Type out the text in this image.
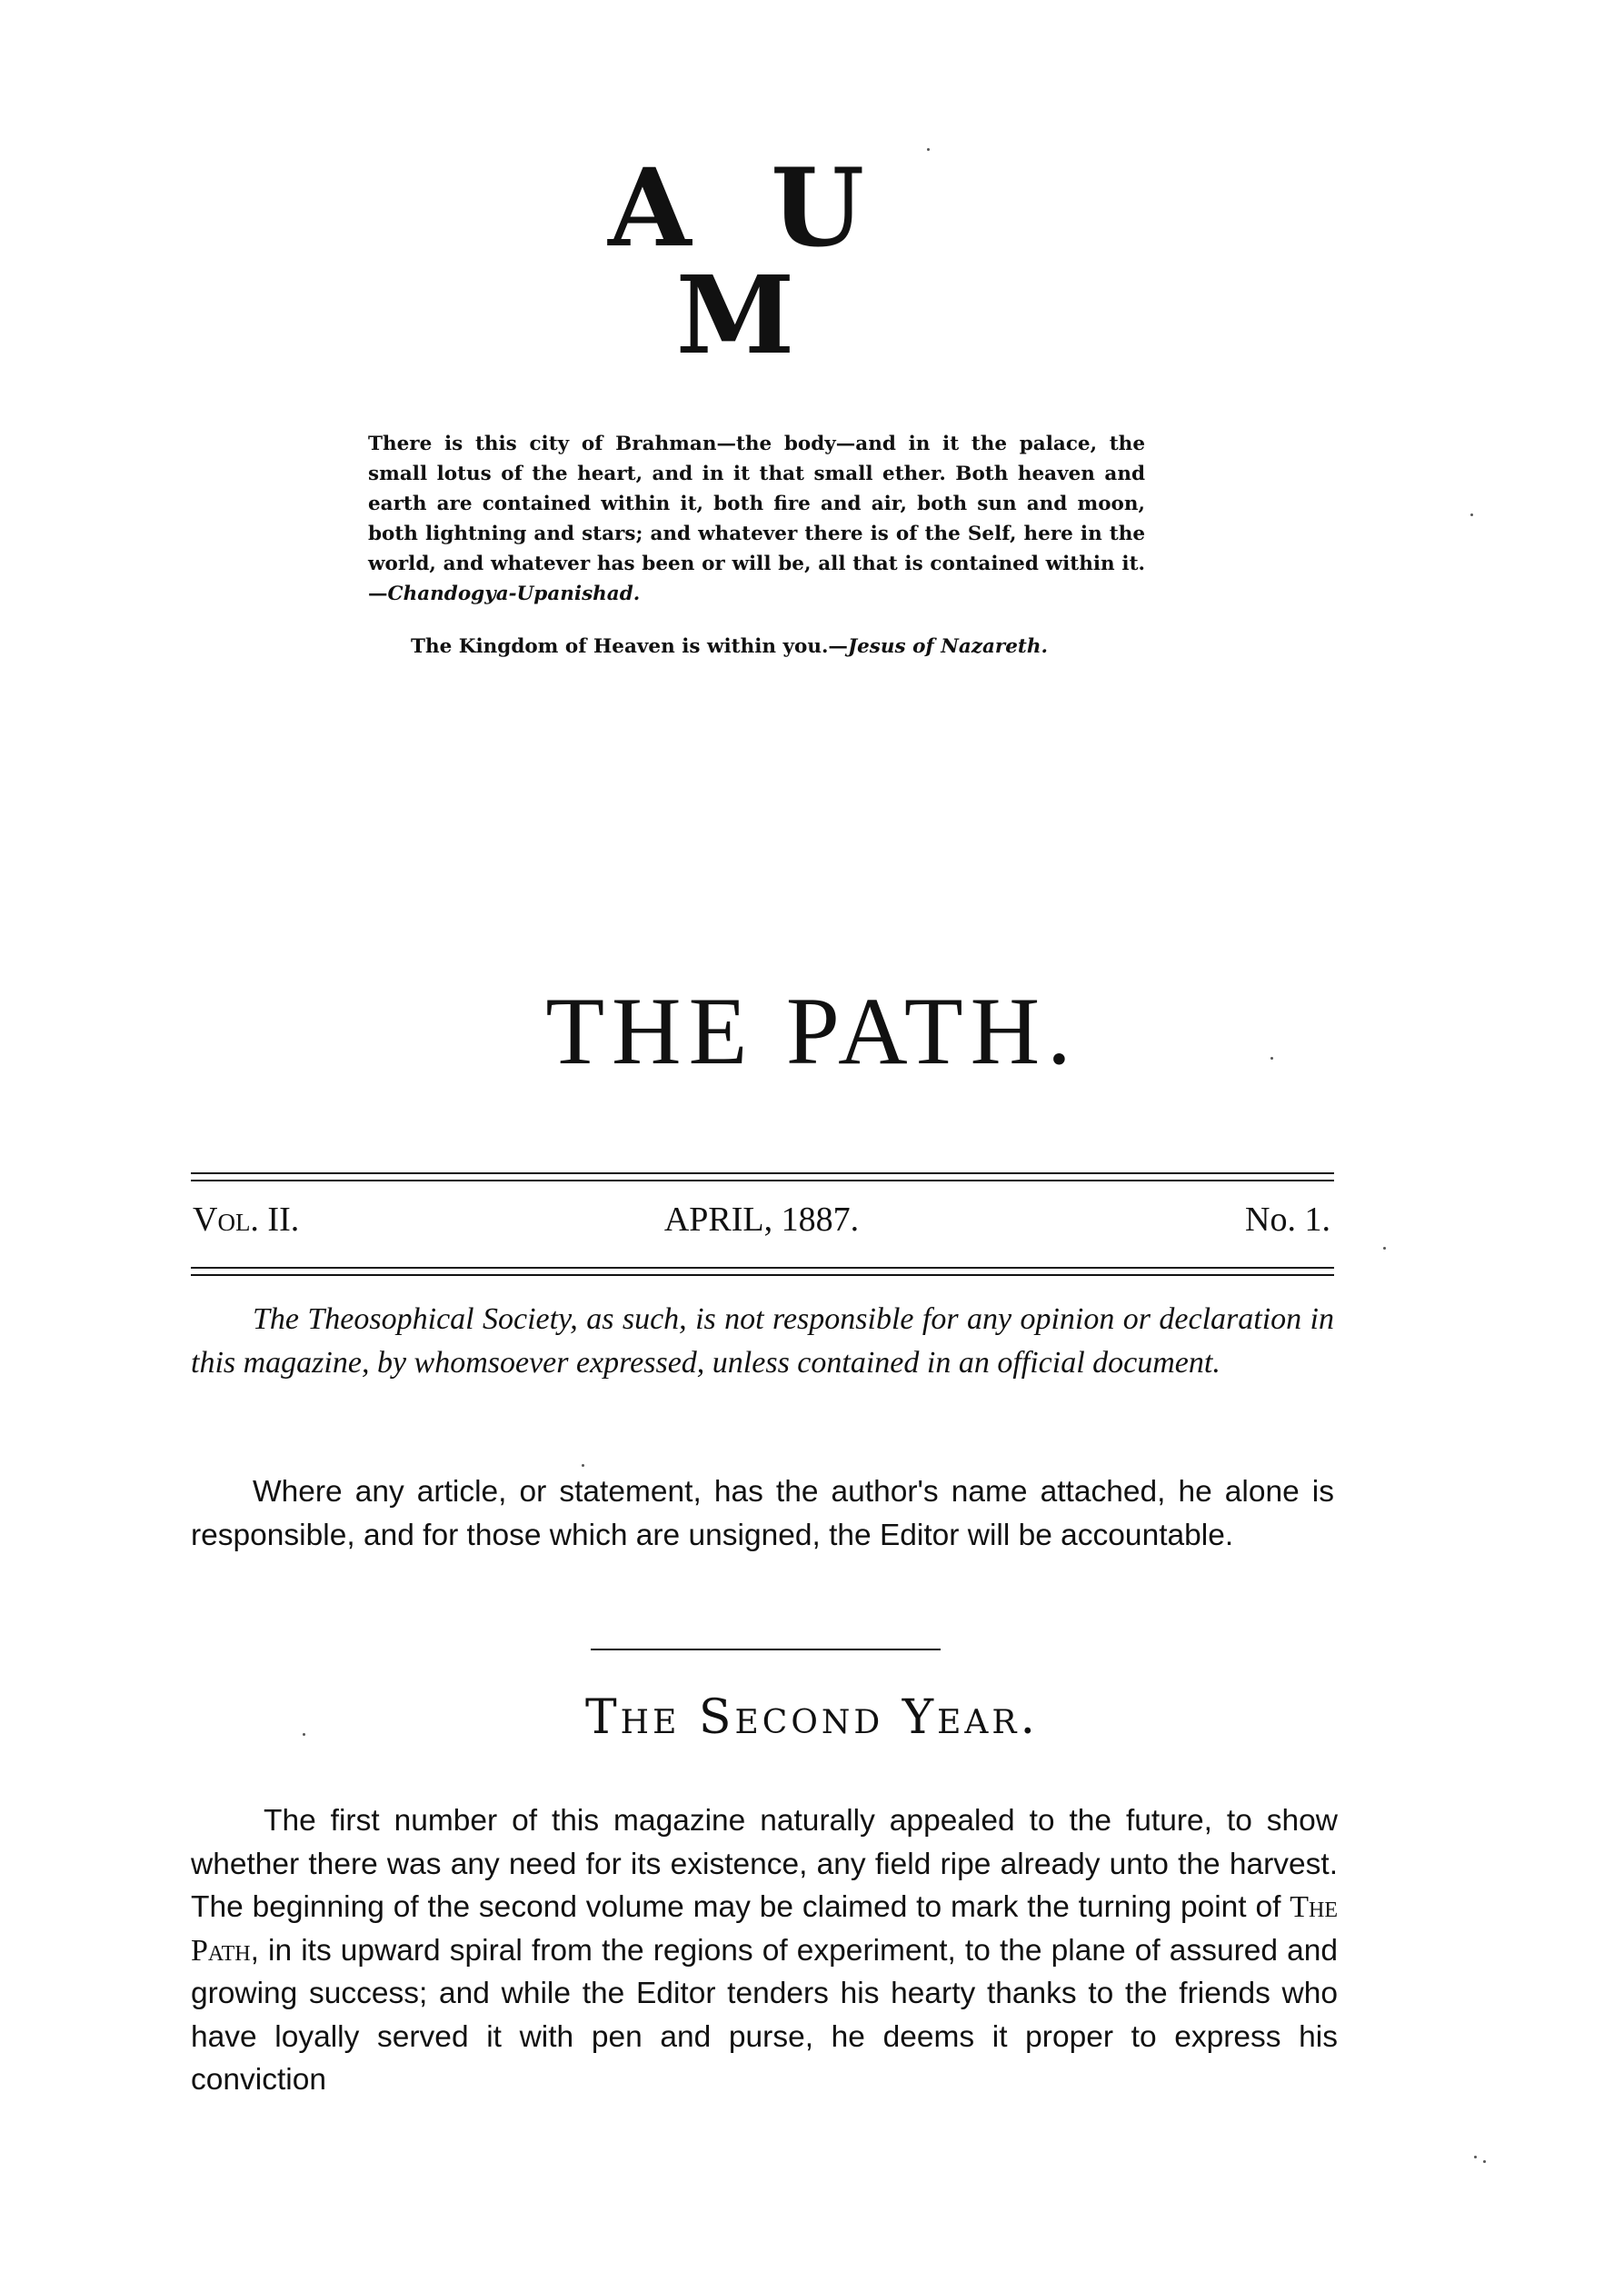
А U M
There is this city of Brahman—the body—and in it the palace, the small lotus of the heart, and in it that small ether. Both heaven and earth are contained within it, both fire and air, both sun and moon, both lightning and stars; and whatever there is of the Self, here in the world, and whatever has been or will be, all that is contained within it.—Chandogya-Upanishad.
The Kingdom of Heaven is within you.—Jesus of Nazareth.
THE PATH.
Vol. II.	APRIL, 1887.	No. 1.
The Theosophical Society, as such, is not responsible for any opinion or declaration in this magazine, by whomsoever expressed, unless contained in an official document.
Where any article, or statement, has the author's name attached, he alone is responsible, and for those which are unsigned, the Editor will be accountable.
The Second Year.
The first number of this magazine naturally appealed to the future, to show whether there was any need for its existence, any field ripe already unto the harvest. The beginning of the second volume may be claimed to mark the turning point of The Path, in its upward spiral from the regions of experiment, to the plane of assured and growing success; and while the Editor tenders his hearty thanks to the friends who have loyally served it with pen and purse, he deems it proper to express his conviction
